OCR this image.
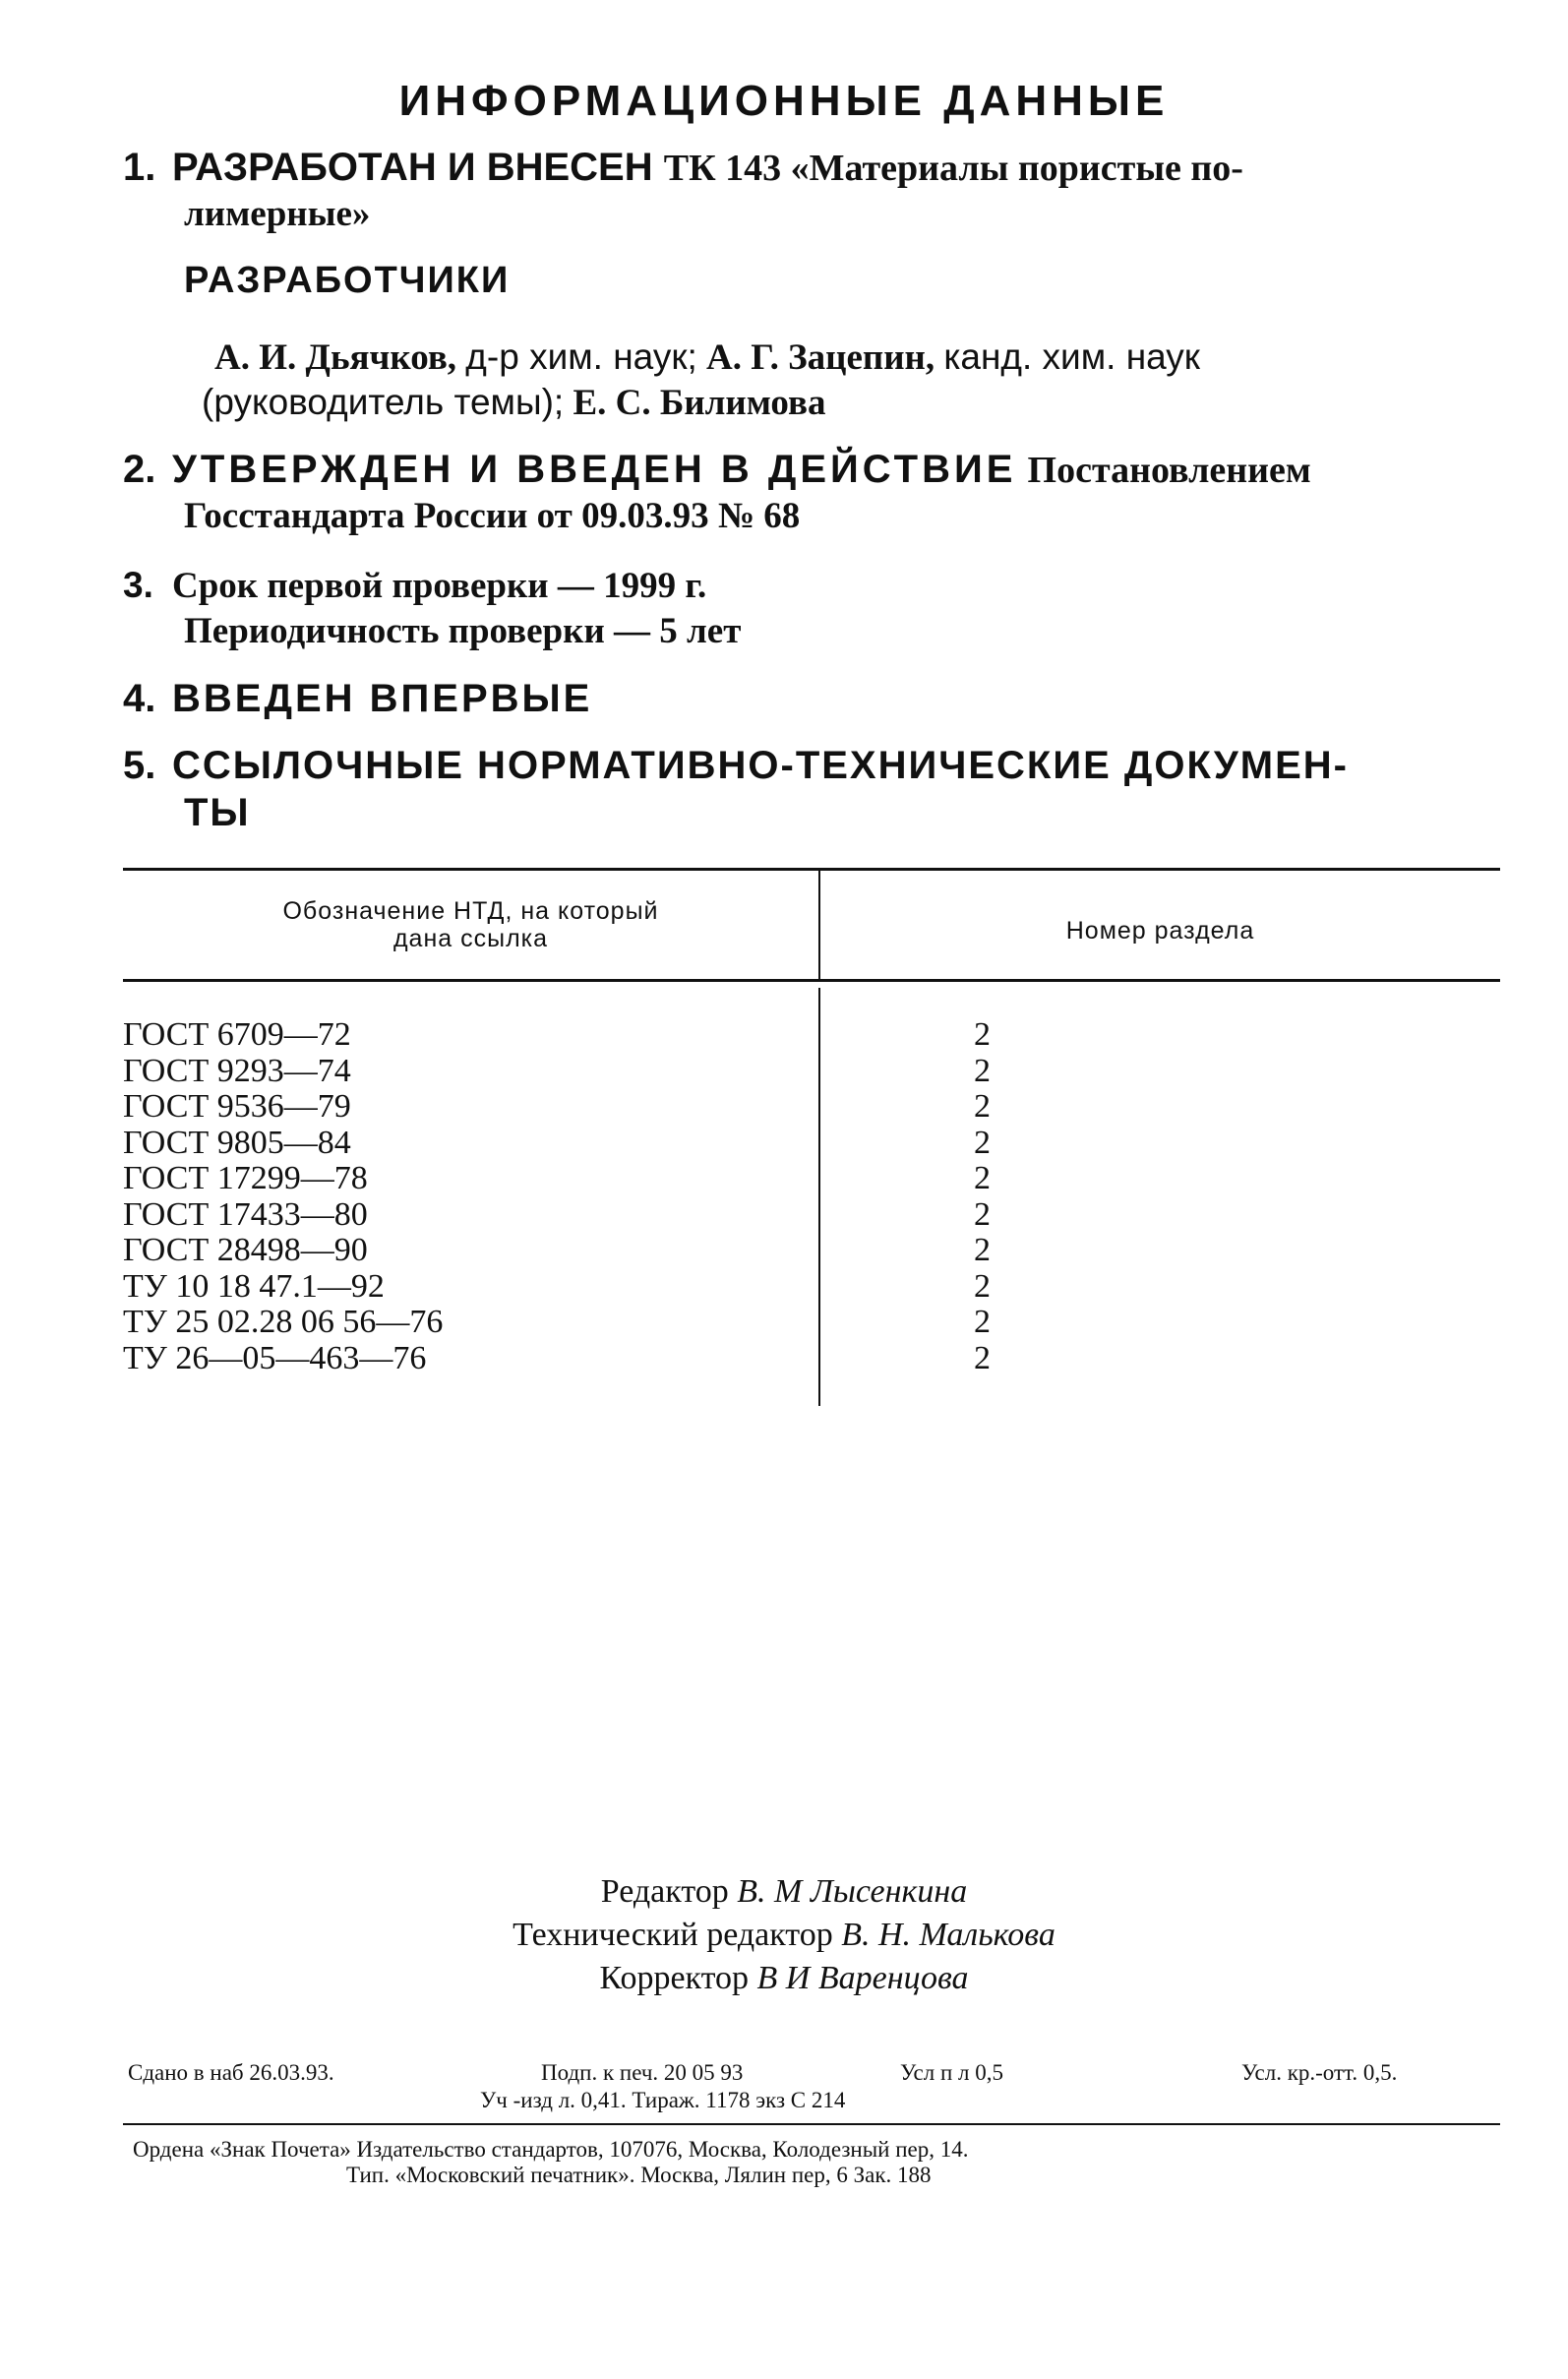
ИНФОРМАЦИОННЫЕ ДАННЫЕ
1. РАЗРАБОТАН И ВНЕСЕН ТК 143 «Материалы пористые по-
лимерные»
РАЗРАБОТЧИКИ
А. И. Дьячков, д-р хим. наук; А. Г. Зацепин, канд. хим. наук
(руководитель темы); Е. С. Билимова
2. УТВЕРЖДЕН И ВВЕДЕН В ДЕЙСТВИЕ Постановлением
Госстандарта России от 09.03.93 № 68
3. Срок первой проверки — 1999 г.
Периодичность проверки — 5 лет
4. ВВЕДЕН ВПЕРВЫЕ
5. ССЫЛОЧНЫЕ НОРМАТИВНО-ТЕХНИЧЕСКИЕ ДОКУМЕН-
ТЫ
Обозначение НТД, на который
дана ссылка	Номер раздела
ГОСТ 6709—72	2
ГОСТ 9293—74	2
ГОСТ 9536—79	2
ГОСТ 9805—84	2
ГОСТ 17299—78	2
ГОСТ 17433—80	2
ГОСТ 28498—90	2
ТУ 10 18 47.1—92	2
ТУ 25 02.28 06 56—76	2
ТУ 26—05—463—76	2
Редактор В. М Лысенкина
Технический редактор В. Н. Малькова
Корректор В И Варенцова
Сдано в наб 26.03.93.	Подп. к печ. 20 05 93	Усл п л 0,5	Усл. кр.-отт. 0,5.
Уч -изд л. 0,41. Тираж. 1178 экз С 214
Ордена «Знак Почета» Издательство стандартов, 107076, Москва, Колодезный пер, 14.
Тип. «Московский печатник». Москва, Лялин пер, 6 Зак. 188
